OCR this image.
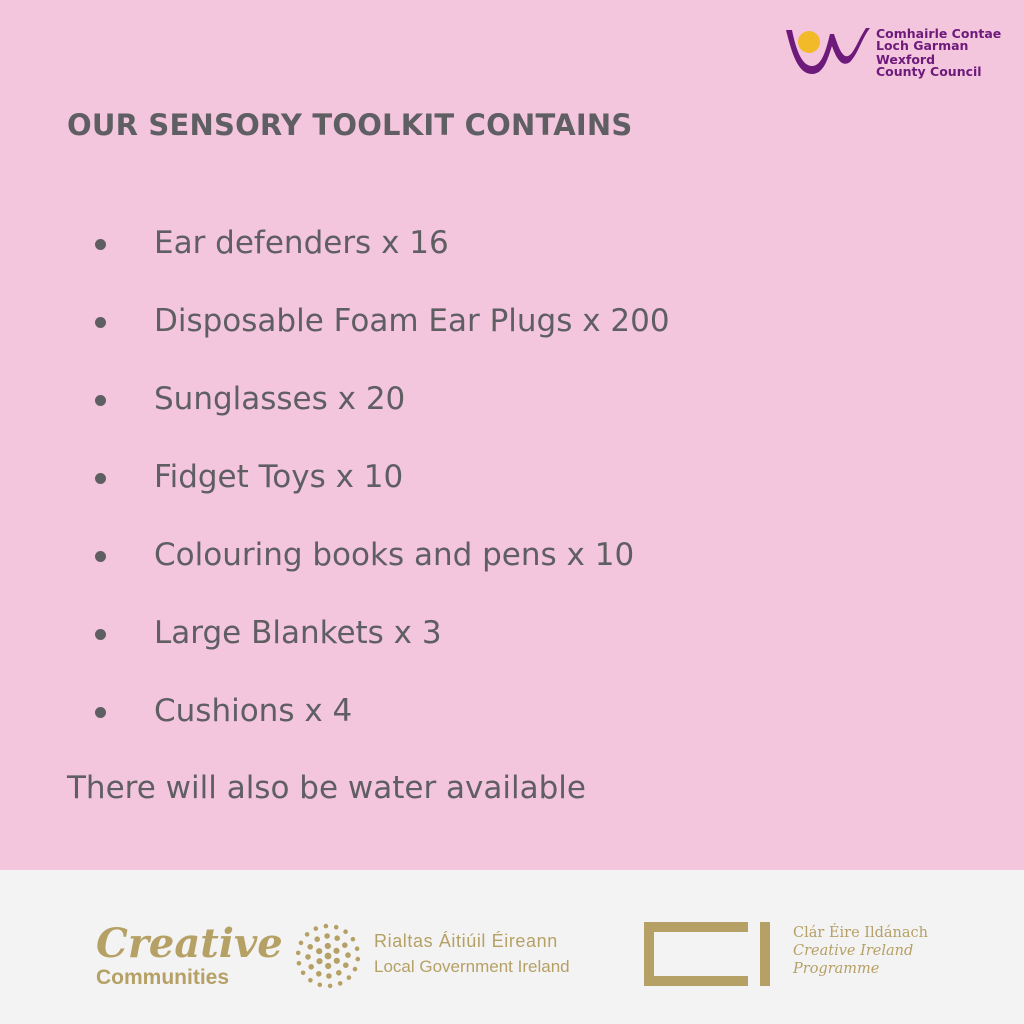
Comhairle Contae
Loch Garman
Wexford
County Council
OUR SENSORY TOOLKIT CONTAINS
Ear defenders x 16
Disposable Foam Ear Plugs x 200
Sunglasses x 20
Fidget Toys x 10
Colouring books and pens x 10
Large Blankets x 3
Cushions x 4
There will also be water available
Creative
Communities
Rialtas Áitiúil Éireann
Local Government Ireland
Clár Éire Ildánach
Creative Ireland
Programme
